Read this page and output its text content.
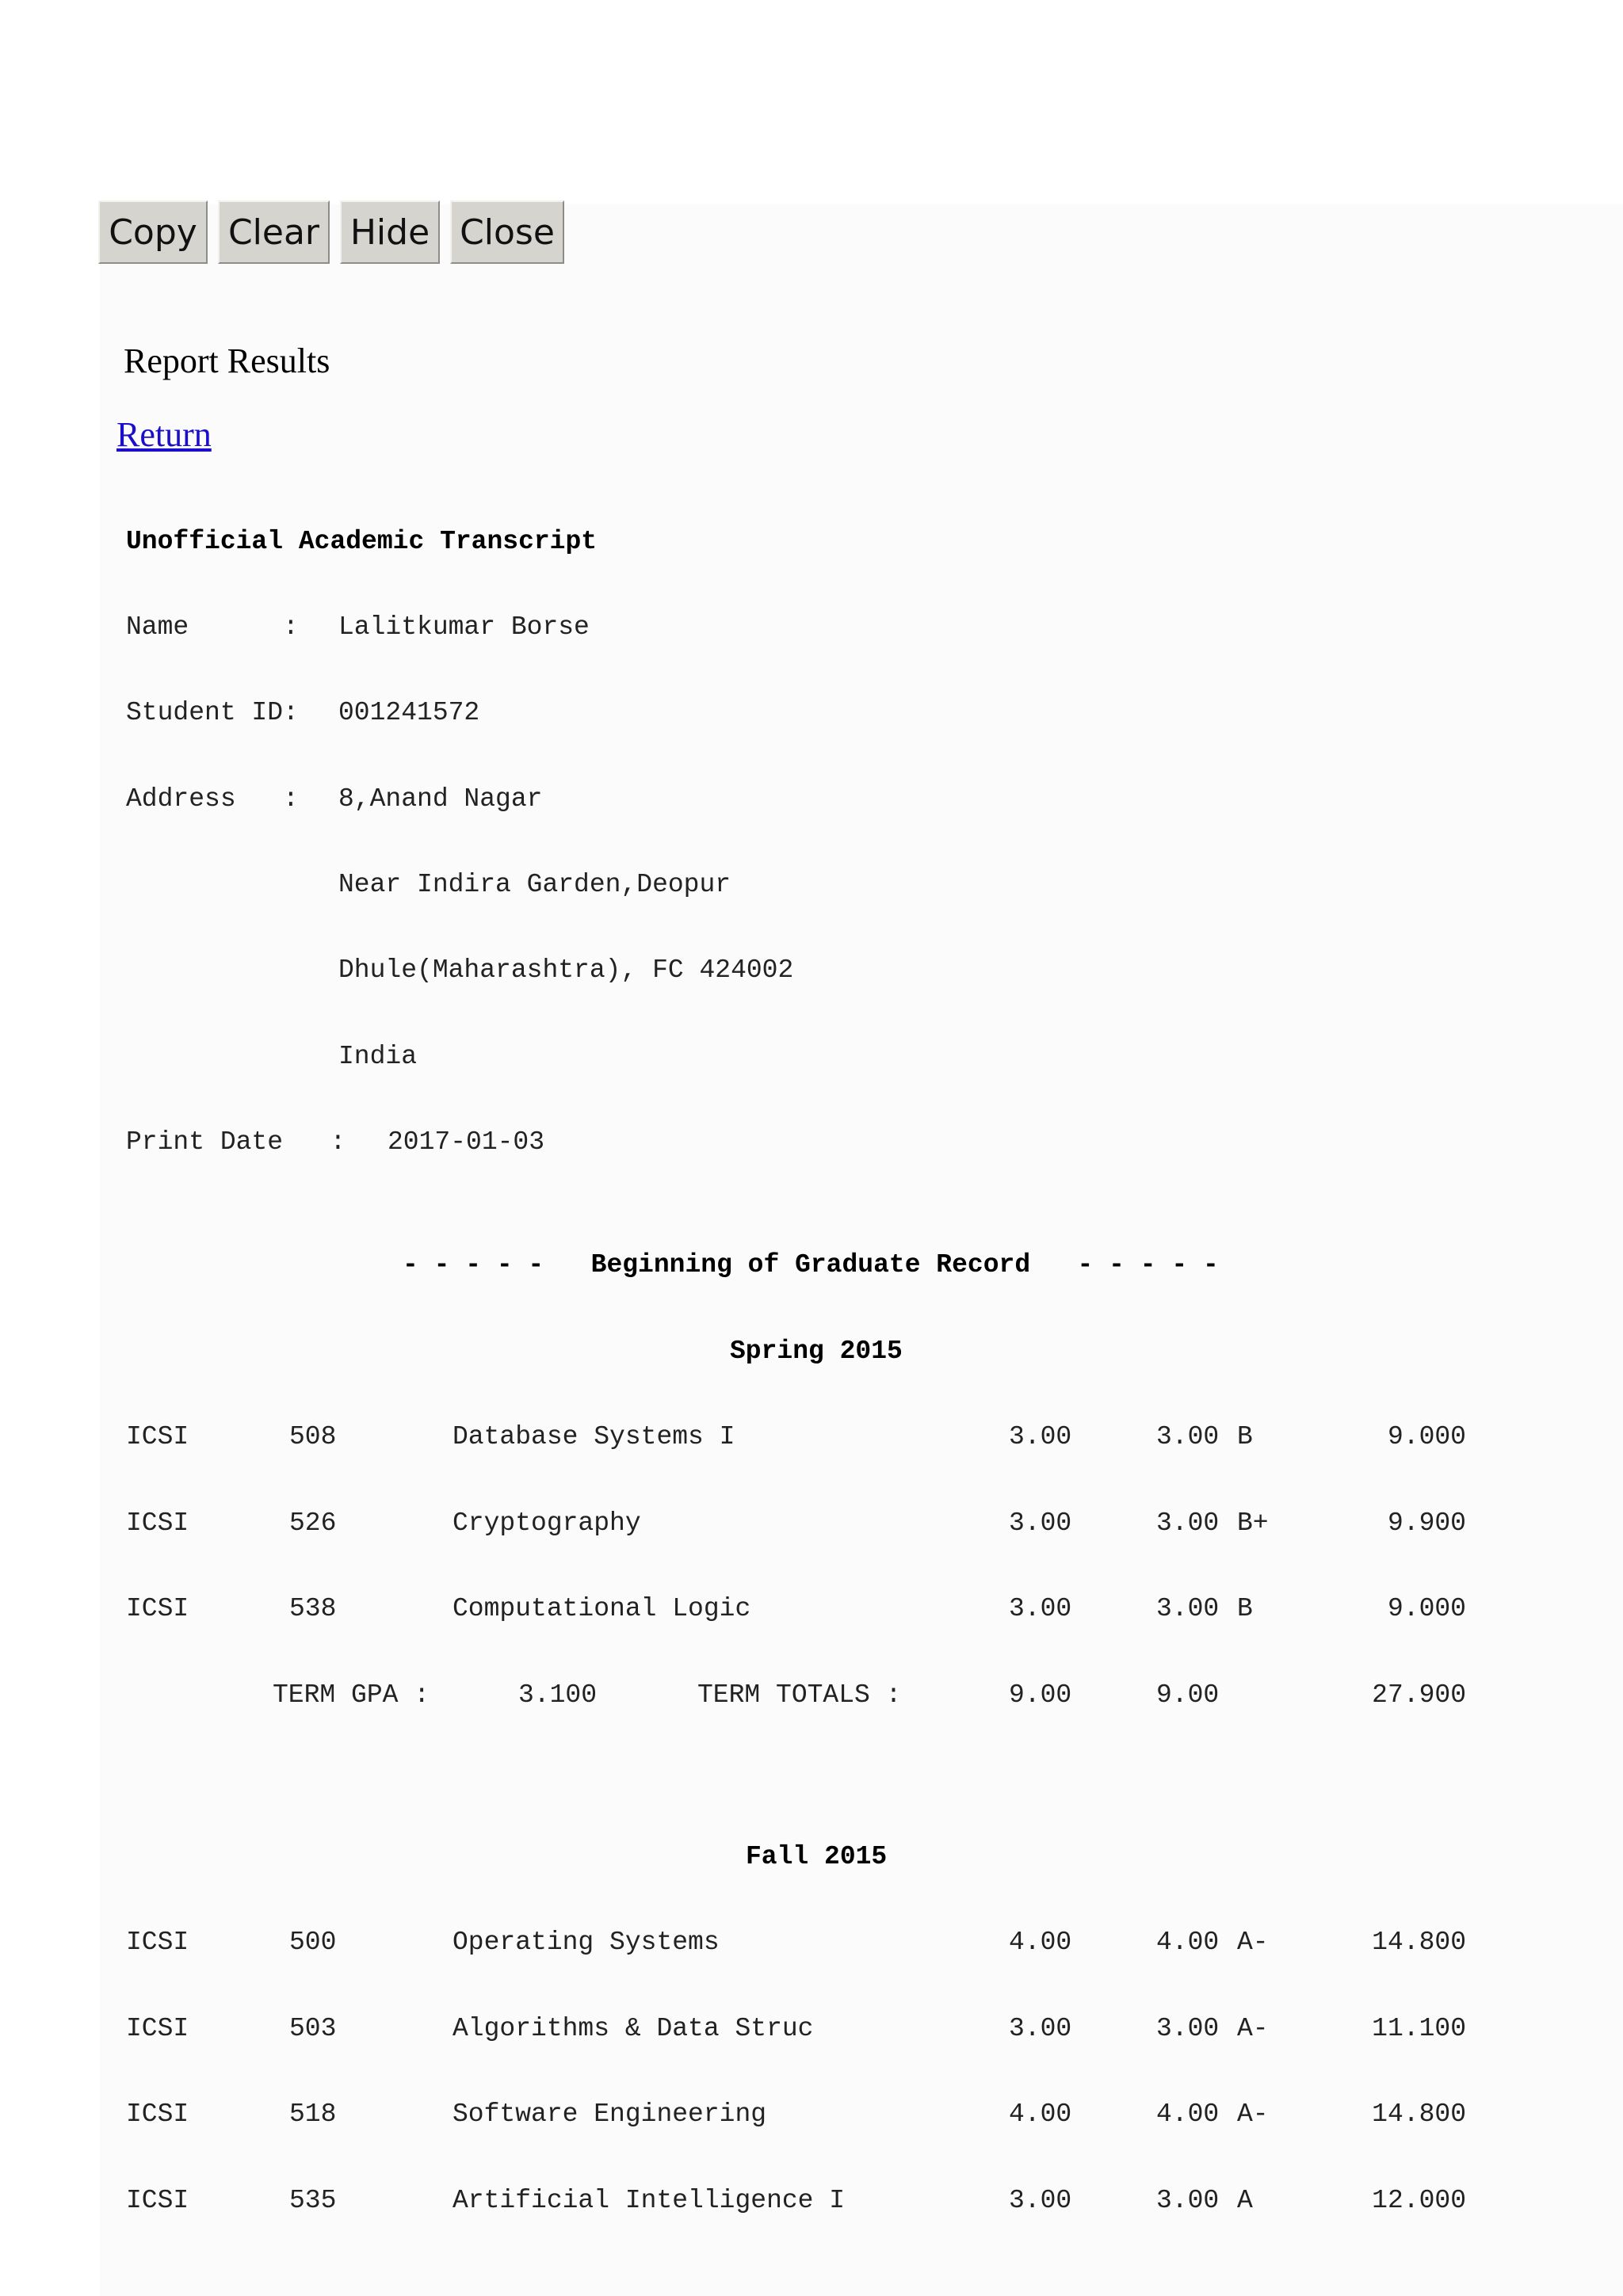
Copy Clear Hide Close
Report Results
Return
Unofficial Academic Transcript
Name      : Lalitkumar Borse
Student ID: 001241572
Address   : 8,Anand Nagar
Near Indira Garden,Deopur
Dhule(Maharashtra), FC 424002
India
Print Date   : 2017-01-03
- - - - -   Beginning of Graduate Record   - - - - -
Spring 2015
ICSI	508	Database Systems I	3.00	3.00 B	9.000
ICSI	526	Cryptography	3.00	3.00 B+	9.900
ICSI	538	Computational Logic	3.00	3.00 B	9.000
TERM GPA :	3.100	TERM TOTALS :	9.00	9.00	27.900
Fall 2015
ICSI	500	Operating Systems	4.00	4.00 A-	14.800
ICSI	503	Algorithms & Data Struc	3.00	3.00 A-	11.100
ICSI	518	Software Engineering	4.00	4.00 A-	14.800
ICSI	535	Artificial Intelligence I	3.00	3.00 A	12.000
